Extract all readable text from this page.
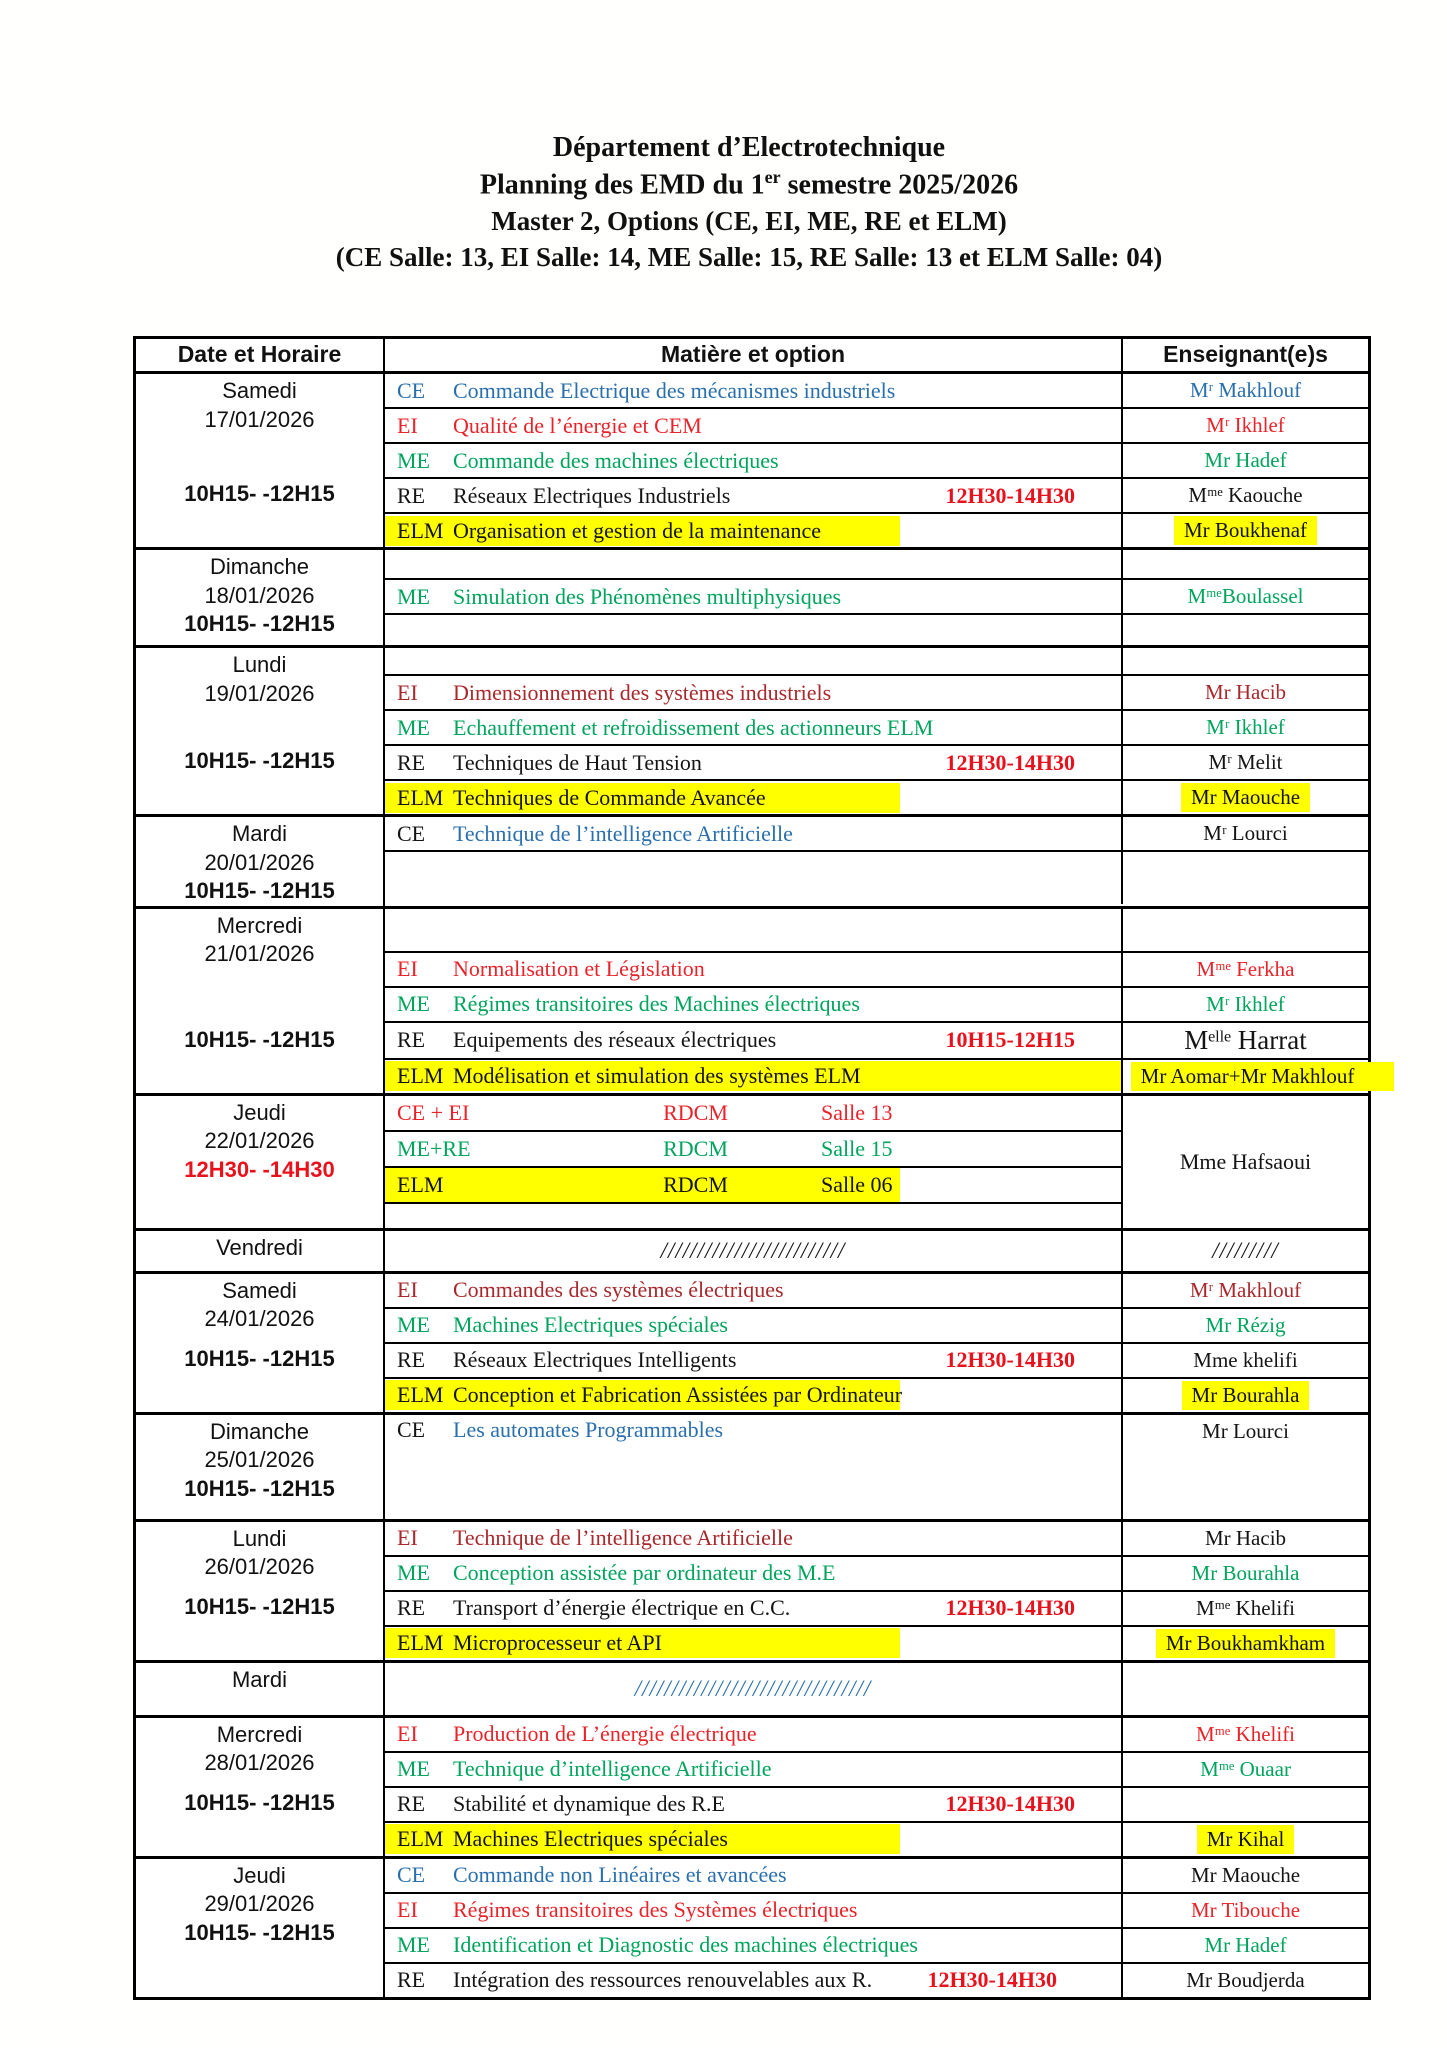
Département d’Electrotechnique
Planning des EMD du 1er semestre 2025/2026
Master 2, Options (CE, EI, ME, RE et ELM)
(CE Salle: 13, EI Salle: 14, ME Salle: 15, RE Salle: 13 et ELM Salle: 04)
Date et Horaire	Matière et option	Enseignant(e)s
Samedi
17/01/2026
10H15- -12H15
CE	Commande Electrique des mécanismes industriels	Mʳ Makhlouf
EI	Qualité de l’énergie et CEM	Mʳ Ikhlef
ME	Commande des machines électriques	Mr Hadef
RE	Réseaux Electriques Industriels	12H30-14H30	Mᵐᵉ Kaouche
ELM Organisation et gestion de la maintenance	Mr Boukhenaf
Dimanche
18/01/2026
10H15- -12H15
ME	Simulation des Phénomènes multiphysiques	MᵐᵉBoulassel
Lundi
19/01/2026
10H15- -12H15
EI	Dimensionnement des systèmes industriels	Mr Hacib
ME	Echauffement et refroidissement des actionneurs ELM	Mʳ Ikhlef
RE	Techniques de Haut Tension	12H30-14H30	Mʳ Melit
ELM Techniques de Commande Avancée	Mr Maouche
Mardi
20/01/2026
10H15- -12H15
CE	Technique de l’intelligence Artificielle	Mʳ Lourci
Mercredi
21/01/2026
10H15- -12H15
EI	Normalisation et Législation	Mᵐᵉ Ferkha
ME	Régimes transitoires des Machines électriques	Mʳ Ikhlef
RE	Equipements des réseaux électriques	10H15-12H15	Mᵉˡˡᵉ Harrat
ELM Modélisation et simulation des systèmes ELM	Mr Aomar+Mr Makhlouf
Jeudi
22/01/2026
12H30- -14H30
CE + EI	RDCM	Salle 13
ME+RE	RDCM	Salle 15
ELM	RDCM	Salle 06
Mme Hafsaoui
Vendredi	/////////////////////////	/////////
Samedi
24/01/2026
10H15- -12H15
EI	Commandes des systèmes électriques	Mʳ Makhlouf
ME	Machines Electriques spéciales	Mr Rézig
RE	Réseaux Electriques Intelligents	12H30-14H30	Mme khelifi
ELM Conception et Fabrication Assistées par Ordinateur	Mr Bourahla
Dimanche
25/01/2026
10H15- -12H15
CE	Les automates Programmables	Mr Lourci
Lundi
26/01/2026
10H15- -12H15
EI	Technique de l’intelligence Artificielle	Mr Hacib
ME	Conception assistée par ordinateur des M.E	Mr Bourahla
RE	Transport d’énergie électrique en C.C.	12H30-14H30	Mᵐᵉ Khelifi
ELM Microprocesseur et API	Mr Boukhamkham
Mardi	////////////////////////////////
Mercredi
28/01/2026
10H15- -12H15
EI	Production de L’énergie électrique	Mᵐᵉ Khelifi
ME	Technique d’intelligence Artificielle	Mᵐᵉ Ouaar
RE	Stabilité et dynamique des R.E	12H30-14H30
ELM Machines Electriques spéciales	Mr Kihal
Jeudi
29/01/2026
10H15- -12H15
CE	Commande non Linéaires et avancées	Mr Maouche
EI	Régimes transitoires des Systèmes électriques	Mr Tibouche
ME	Identification et Diagnostic des machines électriques	Mr Hadef
RE	Intégration des ressources renouvelables aux R.	12H30-14H30	Mr Boudjerda
